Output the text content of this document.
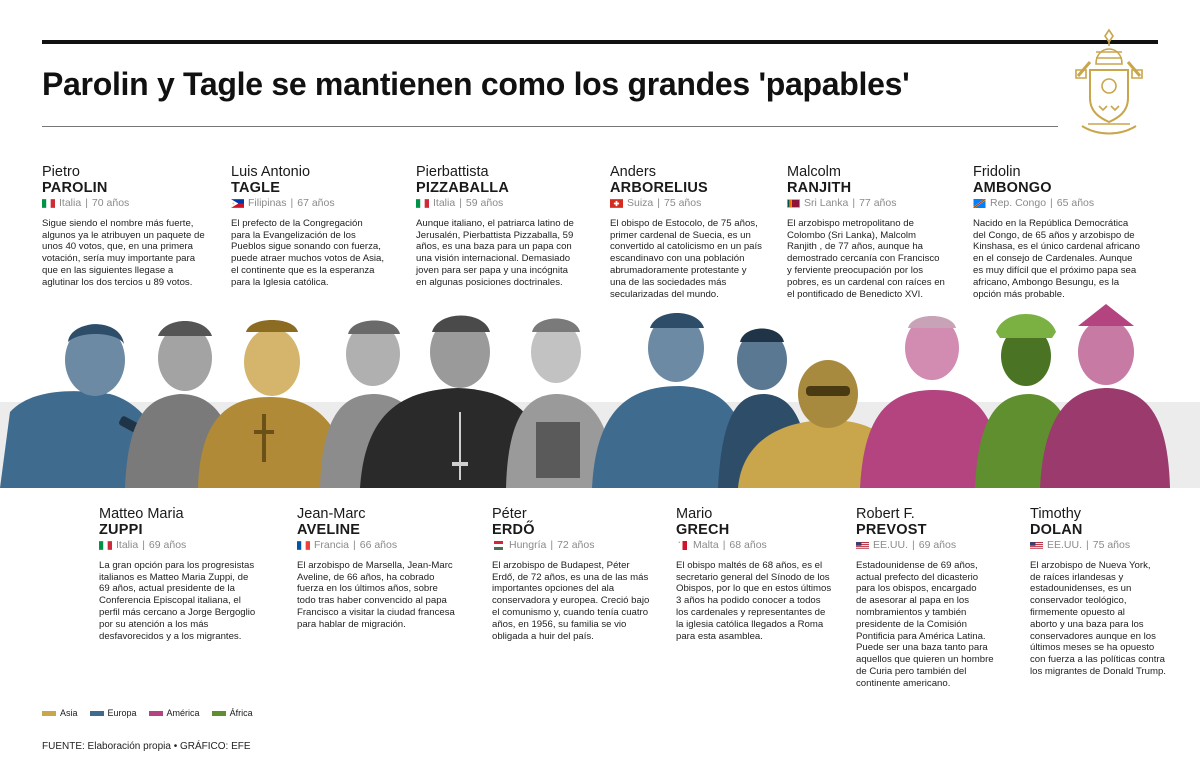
Parolin y Tagle se mantienen como los grandes 'papables'
Pietro
PAROLIN
Italia | 70 años
Sigue siendo el nombre más fuerte,
algunos ya le atribuyen un paquete de
unos 40 votos, que, en una primera
votación, sería muy importante para
que en las siguientes llegase a
aglutinar los dos tercios u 89 votos.
Luis Antonio
TAGLE
Filipinas | 67 años
El prefecto de la Congregación
para la Evangelización de los
Pueblos sigue sonando con fuerza,
puede atraer muchos votos de Asia,
el continente que es la esperanza
para la Iglesia católica.
Pierbattista
PIZZABALLA
Italia | 59 años
Aunque italiano, el patriarca latino de
Jerusalén, Pierbattista Pizzaballa, 59
años, es una baza para un papa con
una visión internacional. Demasiado
joven para ser papa y una incógnita
en algunas posiciones doctrinales.
Anders
ARBORELIUS
Suiza | 75 años
El obispo de Estocolo, de 75 años,
primer cardenal de Suecia, es un
convertido al catolicismo en un país
escandinavo con una población
abrumadoramente protestante y
una de las sociedades más
secularizadas del mundo.
Malcolm
RANJITH
Sri Lanka | 77 años
El arzobispo metropolitano de
Colombo (Sri Lanka), Malcolm
Ranjith , de 77 años, aunque ha
demostrado cercanía con Francisco
y ferviente preocupación por los
pobres, es un cardenal con raíces en
el pontificado de Benedicto XVI.
Fridolin
AMBONGO
Rep. Congo | 65 años
Nacido en la República Democrática
del Congo, de 65 años y arzobispo de
Kinshasa, es el único cardenal africano
en el consejo de Cardenales. Aunque
es muy difícil que el próximo papa sea
africano, Ambongo Besungu, es la
opción más probable.
Matteo Maria
ZUPPI
Italia | 69 años
La gran opción para los progresistas
italianos es Matteo Maria Zuppi, de
69 años, actual presidente de la
Conferencia Episcopal italiana, el
perfil más cercano a Jorge Bergoglio
por su atención a los más
desfavorecidos y a los migrantes.
Jean-Marc
AVELINE
Francia | 66 años
El arzobispo de Marsella, Jean-Marc
Aveline, de 66 años, ha cobrado
fuerza en los últimos años, sobre
todo tras haber convencido al papa
Francisco a visitar la ciudad francesa
para hablar de migración.
Péter
ERDŐ
Hungría | 72 años
El arzobispo de Budapest, Péter
Erdő, de 72 años, es una de las más
importantes opciones del ala
conservadora y europea. Creció bajo
el comunismo y, cuando tenía cuatro
años, en 1956, su familia se vio
obligada a huir del país.
Mario
GRECH
Malta | 68 años
El obispo maltés de 68 años, es el
secretario general del Sínodo de los
Obispos, por lo que en estos últimos
3 años ha podido conocer a todos
los cardenales y representantes de
la iglesia católica llegados a Roma
para esta asamblea.
Robert F.
PREVOST
EE.UU. | 69 años
Estadounidense de 69 años,
actual prefecto del dicasterio
para los obispos, encargado
de asesorar al papa en los
nombramientos y también
presidente de la Comisión
Pontificia para América Latina.
Puede ser una baza tanto para
aquellos que quieren un hombre
de Curia pero también del
continente americano.
Timothy
DOLAN
EE.UU. | 75 años
El arzobispo de Nueva York,
de raíces irlandesas y
estadounidenses, es un
conservador teológico,
firmemente opuesto al
aborto y una baza para los
conservadores aunque en los
últimos meses se ha opuesto
con fuerza a las políticas contra
los migrantes de Donald Trump.
Asia	Europa	América	África
FUENTE: Elaboración propia • GRÁFICO: EFE
